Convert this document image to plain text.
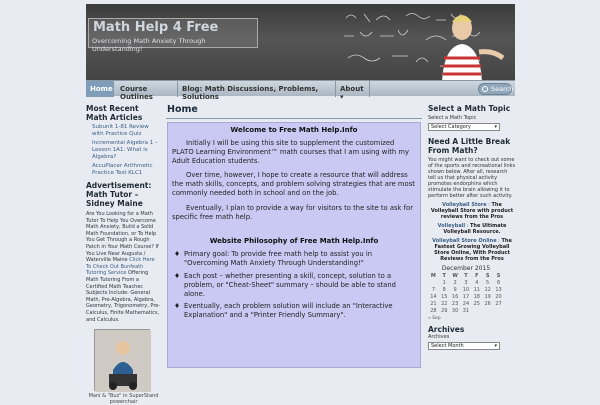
Math Help 4 Free
Overcoming Math Anxiety Through Understanding!
Home	Course Outlines
Blog: Math Discussions, Problems, Solutions
About ▾
Search
Most Recent Math Articles
Subunit 1-81 Review with Practice Quiz
Incremental Algebra 1 – Lesson 1A1: What is Algebra?
AccuPlacer Arithmetic Practice Test KLC1
Advertisement: Math Tutor – Sidney Maine
Are You Looking for a Math Tutor To Help You Overcome Math Anxiety, Build a Solid Math Foundation, or To Help You Get Through a Rough Patch in Your Math Course? If You Live Near Augusta / Waterville Maine Click Here To Check Out Bunfeath Tutoring Service Offering Math Tutoring From a Certified Math Teacher. Subjects Include: General Math, Pre-Algebra, Algebra, Geometry, Trigonometry, Pre-Calculus, Finite Mathematics, and Calculus.
Mani & "Buz" in SuperStand powerchair
Home
Welcome to Free Math Help.Info

Initially I will be using this site to supplement the customized PLATO Learning Environment™ math courses that I am using with my Adult Education students.

Over time, however, I hope to create a resource that will address the math skills, concepts, and problem solving strategies that are most commonly needed both in school and on the job.

Eventually, I plan to provide a way for visitors to the site to ask for specific free math help.

Website Philosophy of Free Math Help.Info
♦ Primary goal: To provide free math help to assist you in "Overcoming Math Anxiety Through Understanding!"
♦ Each post – whether presenting a skill, concept, solution to a problem, or "Cheat-Sheet" summary – should be able to stand alone.
♦ Eventually, each problem solution will include an "Interactive Explanation" and a "Printer Friendly Summary".
Select a Math Topic
Select a Math Topic
Select Category	▾
Need A Little Break From Math?
You might want to check out some of the sports and recreational links shown below. After all, research tell us that physical activity promotes endorphins which stimulate the brain allowing it to perform better after such activity.
Volleyball Store : The Volleyball Store with product reviews from the Pros
Volleyball : The Ultimate Volleyball Resource.
Volleyball Store Online : The Fastest Growing Volleyball Store Online, With Product Reviews from the Pros
December 2015
M	T	W	T	F	S	S
	1	2	3	4	5	6
7	8	9	10	11	12	13
14	15	16	17	18	19	20
21	22	23	24	25	26	27
28	29	30	31			
« Sep
Archives
Archives
Select Month	▾
